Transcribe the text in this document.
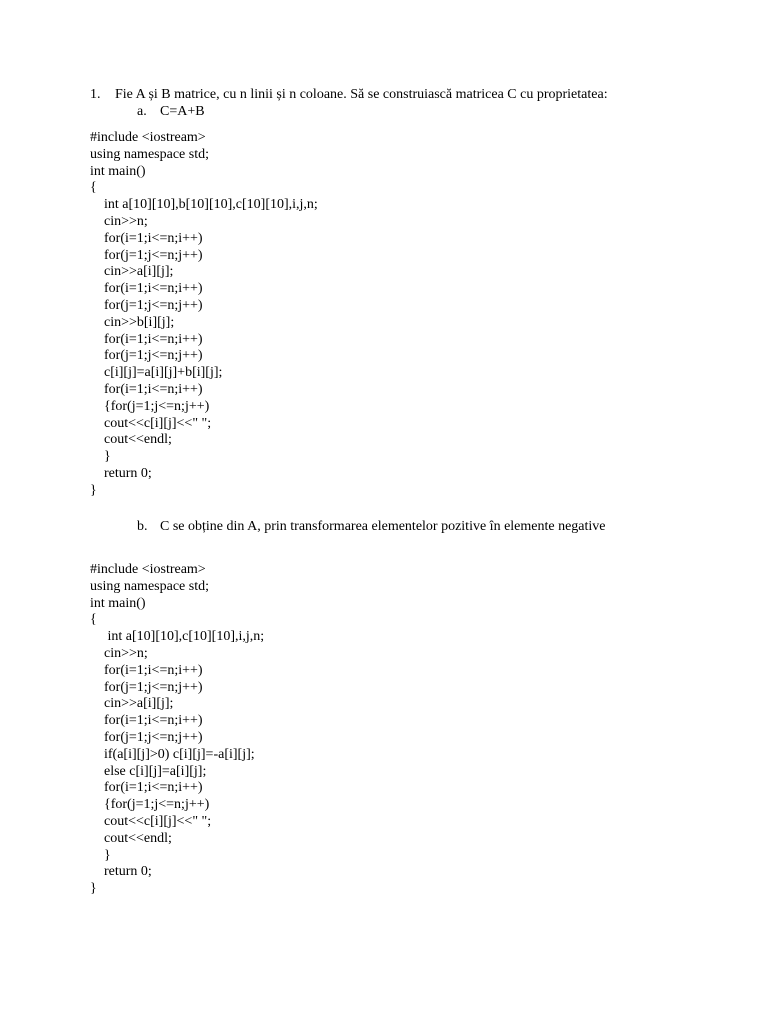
1. Fie A și B matrice, cu n linii și n coloane. Să se construiască matricea C cu proprietatea:
a. C=A+B
#include <iostream>
using namespace std;
int main()
{
int a[10][10],b[10][10],c[10][10],i,j,n;
cin>>n;
for(i=1;i<=n;i++)
for(j=1;j<=n;j++)
cin>>a[i][j];
for(i=1;i<=n;i++)
for(j=1;j<=n;j++)
cin>>b[i][j];
for(i=1;i<=n;i++)
for(j=1;j<=n;j++)
c[i][j]=a[i][j]+b[i][j];
for(i=1;i<=n;i++)
{for(j=1;j<=n;j++)
cout<<c[i][j]<<" ";
cout<<endl;
}
return 0;
}
b. C se obține din A, prin transformarea elementelor pozitive în elemente negative
#include <iostream>
using namespace std;
int main()
{
int a[10][10],c[10][10],i,j,n;
cin>>n;
for(i=1;i<=n;i++)
for(j=1;j<=n;j++)
cin>>a[i][j];
for(i=1;i<=n;i++)
for(j=1;j<=n;j++)
if(a[i][j]>0) c[i][j]=-a[i][j];
else c[i][j]=a[i][j];
for(i=1;i<=n;i++)
{for(j=1;j<=n;j++)
cout<<c[i][j]<<" ";
cout<<endl;
}
return 0;
}
